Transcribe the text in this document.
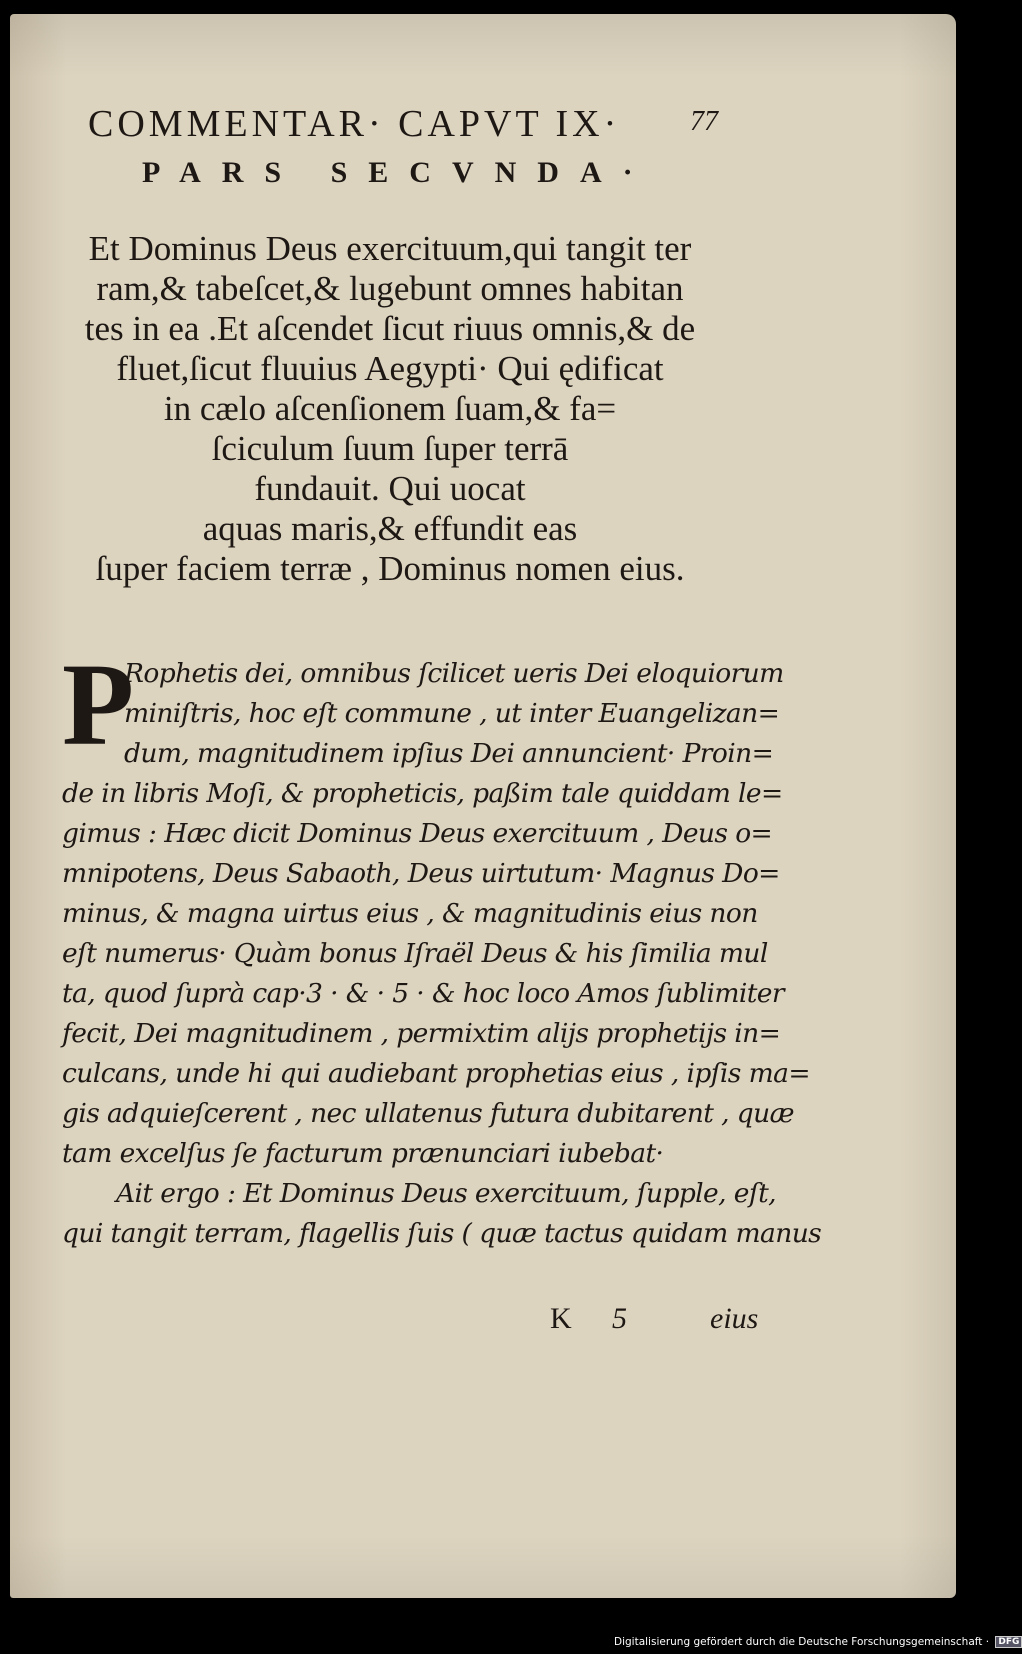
COMMENTAR· CAPVT IX· 77
PARS SECVNDA·
Et Dominus Deus exercituum,qui tangit ter
ram,& tabeſcet,& lugebunt omnes habitan
tes in ea .Et aſcendet ſicut riuus omnis,& de
fluet,ſicut fluuius Aegypti· Qui ędificat
in cælo aſcenſionem ſuam,& fa=
ſciculum ſuum ſuper terrā
fundauit. Qui uocat
aquas maris,& effundit eas
ſuper faciem terræ , Dominus nomen eius.
P
Rophetis dei, omnibus ſcilicet ueris Dei eloquiorum
miniſtris, hoc eſt commune , ut inter Euangelizan=
dum, magnitudinem ipſius Dei annuncient· Proin=
de in libris Moſi, & propheticis, paßim tale quiddam le=
gimus : Hæc dicit Dominus Deus exercituum , Deus o=
mnipotens, Deus Sabaoth, Deus uirtutum· Magnus Do=
minus, & magna uirtus eius , & magnitudinis eius non
eſt numerus· Quàm bonus Iſraël Deus & his ſimilia mul
ta, quod ſuprà cap·3 · & · 5 · & hoc loco Amos ſublimiter
fecit, Dei magnitudinem , permixtim alijs prophetijs in=
culcans, unde hi qui audiebant prophetias eius , ipſis ma=
gis adquieſcerent , nec ullatenus futura dubitarent , quæ
tam excelſus ſe facturum prænunciari iubebat·
Ait ergo : Et Dominus Deus exercituum, ſupple, eſt,
qui tangit terram, flagellis ſuis ( quæ tactus quidam manus
K 5	eius
Digitalisierung gefördert durch die Deutsche Forschungsgemeinschaft · DFG
